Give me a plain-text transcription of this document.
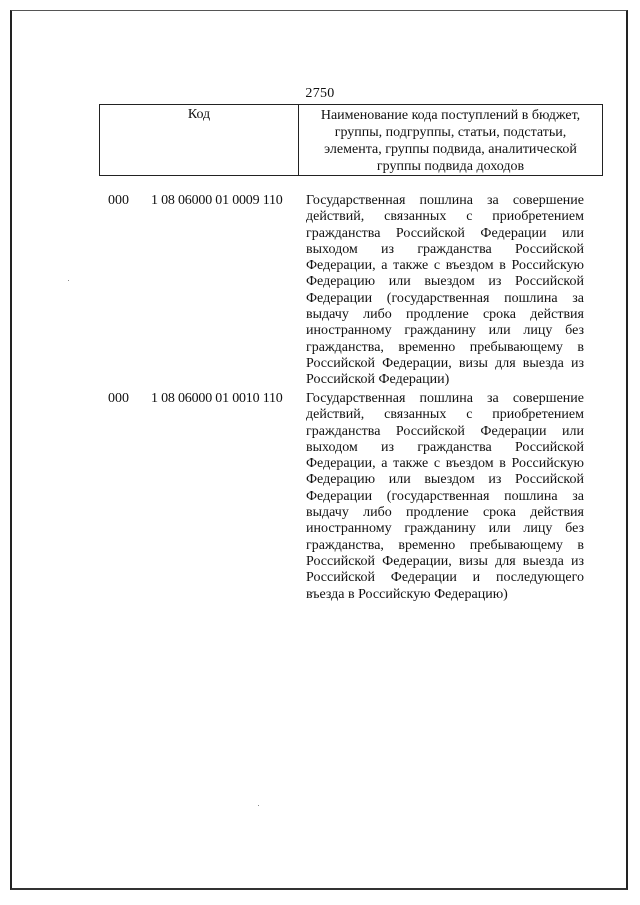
2750
Код	Наименование кода поступлений в бюджет, группы, подгруппы, статьи, подстатьи, элемента, группы подвида, аналитической группы подвида доходов
000 1 08 06000 01 0009 110 Государственная пошлина за совершение действий, связанных с приобретением гражданства Российской Федерации или выходом из гражданства Российской Федерации, а также с въездом в Российскую Федерацию или выездом из Российской Федерации (государственная пошлина за выдачу либо продление срока действия иностранному гражданину или лицу без гражданства, временно пребывающему в Российской Федерации, визы для выезда из Российской Федерации)
000 1 08 06000 01 0010 110 Государственная пошлина за совершение действий, связанных с приобретением гражданства Российской Федерации или выходом из гражданства Российской Федерации, а также с въездом в Российскую Федерацию или выездом из Российской Федерации (государственная пошлина за выдачу либо продление срока действия иностранному гражданину или лицу без гражданства, временно пребывающему в Российской Федерации, визы для выезда из Российской Федерации и последующего въезда в Российскую Федерацию)
